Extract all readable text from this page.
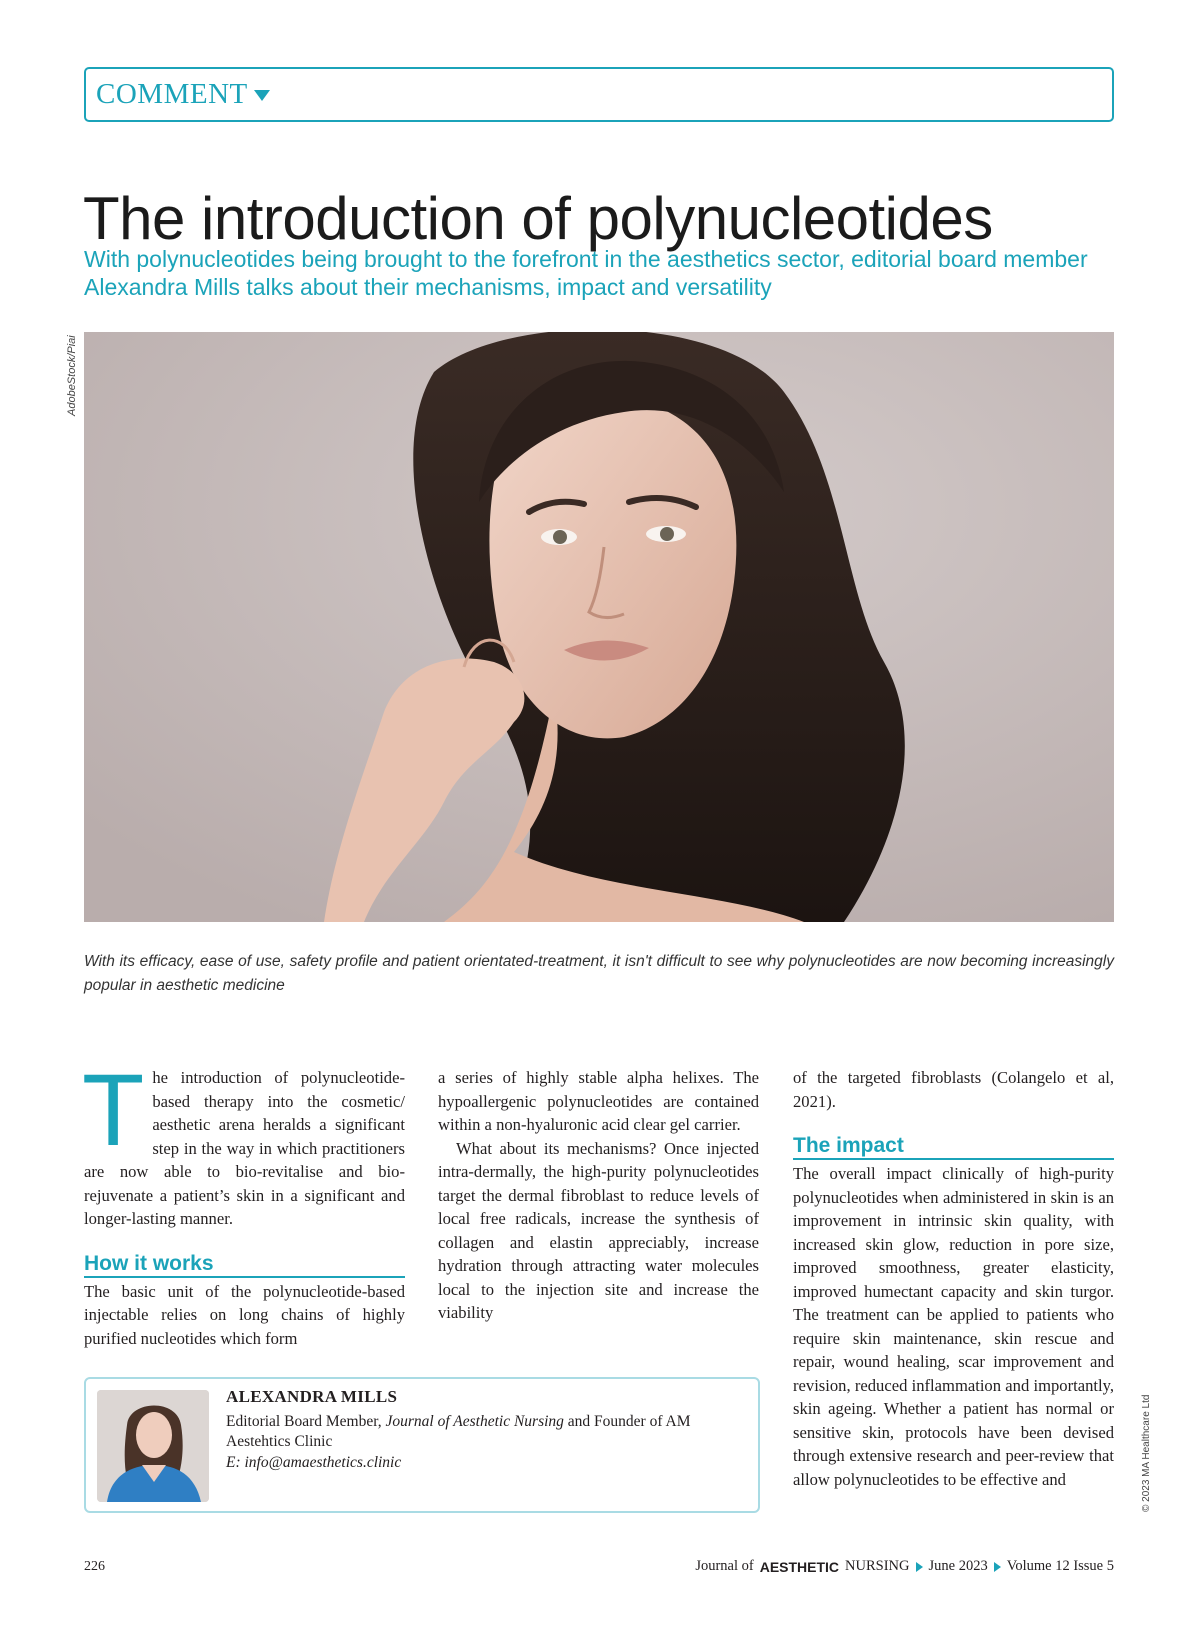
COMMENT
The introduction of polynucleotides

With polynucleotides being brought to the forefront in the aesthetics sector, editorial board member Alexandra Mills talks about their mechanisms, impact and versatility

AdobeStock/Piai

With its efficacy, ease of use, safety profile and patient orientated-treatment, it isn't difficult to see why polynucleotides are now becoming increasingly popular in aesthetic medicine

The introduction of polynucleotide-based therapy into the cosmetic/ aesthetic arena heralds a significant step in the way in which practitioners are now able to bio-revitalise and bio-rejuvenate a patient’s skin in a significant and longer-lasting manner.

How it works

The basic unit of the polynucleotide-based injectable relies on long chains of highly purified nucleotides which form

a series of highly stable alpha helixes. The hypoallergenic polynucleotides are contained within a non-hyaluronic acid clear gel carrier.

What about its mechanisms? Once injected intra-dermally, the high-purity polynucleotides target the dermal fibroblast to reduce levels of local free radicals, increase the synthesis of collagen and elastin appreciably, increase hydration through attracting water molecules local to the injection site and increase the viability

of the targeted fibroblasts (Colangelo et al, 2021).

The impact

The overall impact clinically of high-purity polynucleotides when administered in skin is an improvement in intrinsic skin quality, with increased skin glow, reduction in pore size, improved smoothness, greater elasticity, improved humectant capacity and skin turgor. The treatment can be applied to patients who require skin maintenance, skin rescue and repair, wound healing, scar improvement and revision, reduced inflammation and importantly, skin ageing. Whether a patient has normal or sensitive skin, protocols have been devised through extensive research and peer-review that allow polynucleotides to be effective and

ALEXANDRA MILLS
Editorial Board Member, Journal of Aesthetic Nursing and Founder of AM Aestehtics Clinic
E: info@amaesthetics.clinic	© 2023 MA Healthcare Ltd
226	Journal of AESTHETIC NURSING June 2023 Volume 12 Issue 5
